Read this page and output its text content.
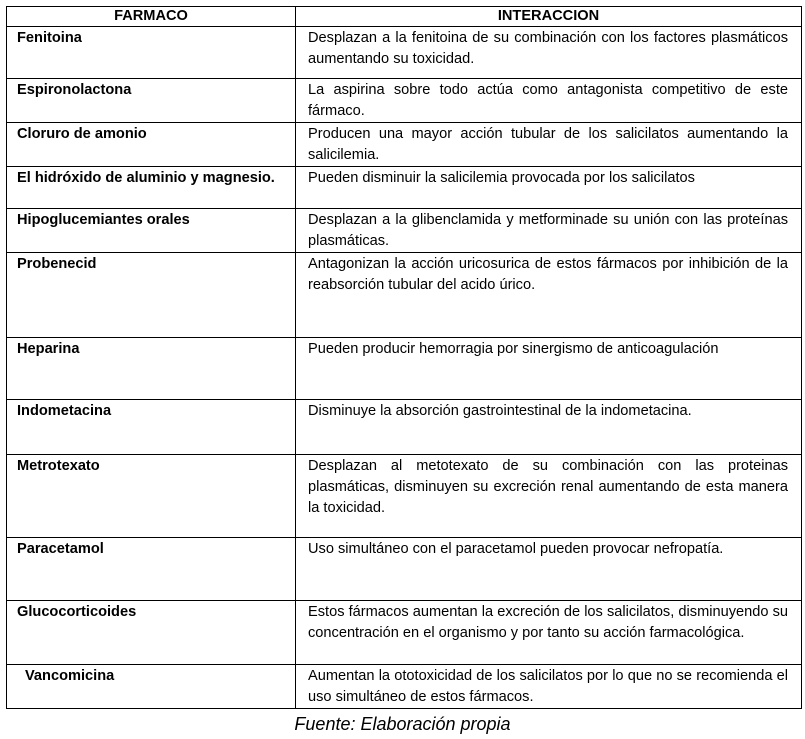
FARMACO	INTERACCION
Fenitoina	Desplazan a la fenitoina de su combinación con los factores plasmáticos aumentando su toxicidad.
Espironolactona	La aspirina sobre todo actúa como antagonista competitivo de este fármaco.
Cloruro de amonio	Producen una mayor acción tubular de los salicilatos aumentando la salicilemia.
El hidróxido de aluminio y magnesio.	Pueden disminuir la salicilemia provocada por los salicilatos
Hipoglucemiantes orales	Desplazan a la glibenclamida y metforminade su unión con las proteínas plasmáticas.
Probenecid	Antagonizan la acción uricosurica de estos fármacos por inhibición de la reabsorción tubular del acido úrico.
Heparina	Pueden producir hemorragia por sinergismo de anticoagulación
Indometacina	Disminuye la absorción gastrointestinal de la indometacina.
Metrotexato	Desplazan al metotexato de su combinación con las proteinas plasmáticas, disminuyen su excreción renal aumentando de esta manera la toxicidad.
Paracetamol	Uso simultáneo con el paracetamol pueden provocar nefropatía.
Glucocorticoides	Estos fármacos aumentan la excreción de los salicilatos, disminuyendo su concentración en el organismo y por tanto su acción farmacológica.
Vancomicina	Aumentan la ototoxicidad de los salicilatos por lo que no se recomienda el uso simultáneo de estos fármacos.
Fuente: Elaboración propia
